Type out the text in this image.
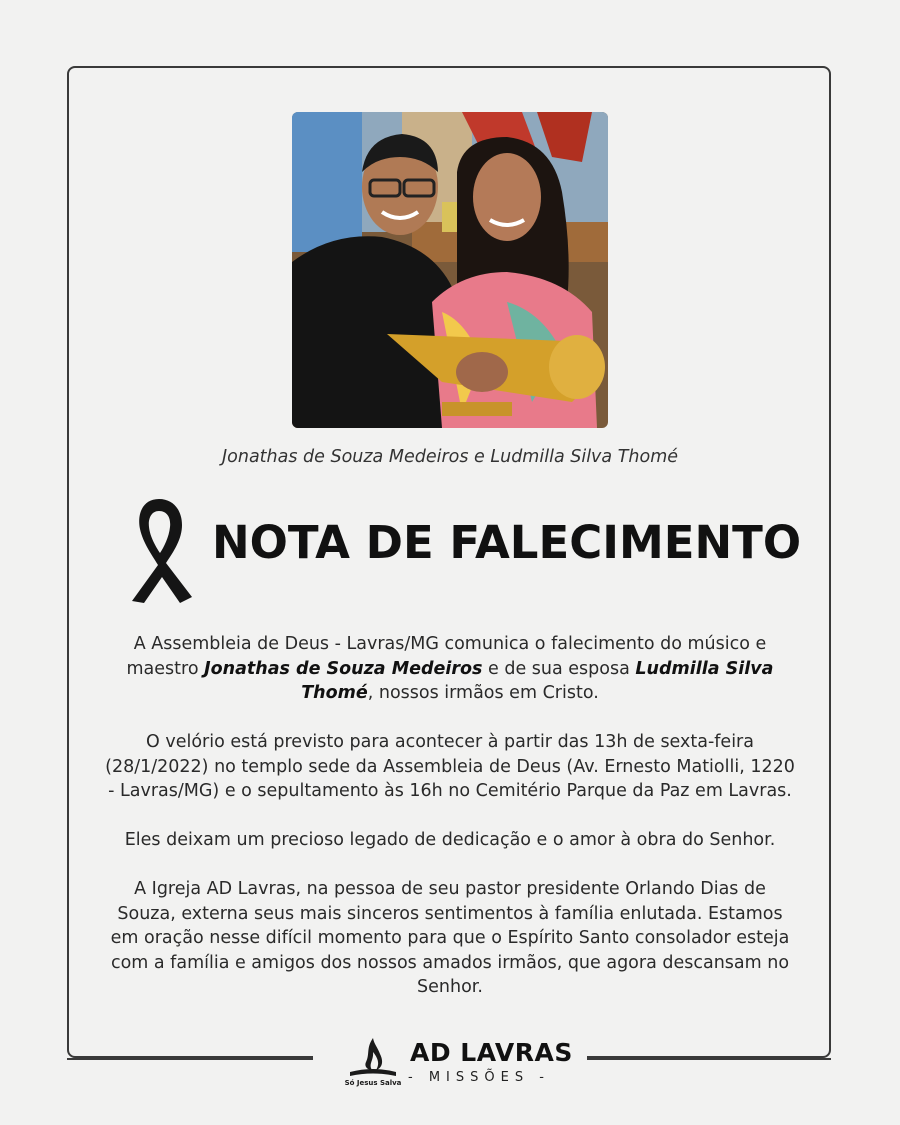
Jonathas de Souza Medeiros e Ludmilla Silva Thomé
NOTA DE FALECIMENTO

A Assembleia de Deus - Lavras/MG comunica o falecimento do músico e maestro Jonathas de Souza Medeiros e de sua esposa Ludmilla Silva Thomé, nossos irmãos em Cristo.

O velório está previsto para acontecer à partir das 13h de sexta-feira (28/1/2022) no templo sede da Assembleia de Deus (Av. Ernesto Matiolli, 1220 - Lavras/MG) e o sepultamento às 16h no Cemitério Parque da Paz em Lavras.

Eles deixam um precioso legado de dedicação e o amor à obra do Senhor.

A Igreja AD Lavras, na pessoa de seu pastor presidente Orlando Dias de Souza, externa seus mais sinceros sentimentos à família enlutada. Estamos em oração nesse difícil momento para que o Espírito Santo consolador esteja com a família e amigos dos nossos amados irmãos, que agora descansam no Senhor.

Só Jesus Salva
AD LAVRAS
- MISSÕES -
